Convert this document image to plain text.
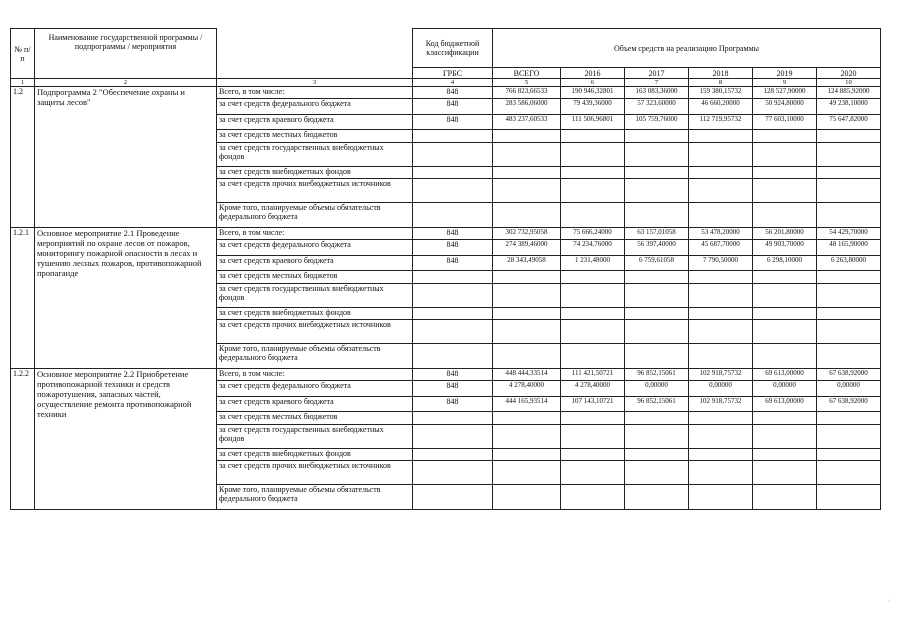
№ п/п	Наименование государственной программы / подпрограммы / мероприятия		Код бюджетной классификации	Объем средств на реализацию Программы					
			ГРБС	ВСЕГО	2016	2017	2018	2019	2020
1	2	3	4	5	6	7	8	9	10
1.2	Подпрограмма 2 "Обеспечение охраны и защиты лесов"	Всего, в том числе:	848	766 823,66533	190 946,32801	163 083,36000	159 380,15732	128 527,90000	124 885,92000
		за счет средств федерального бюджета	848	283 586,06000	79 439,36000	57 323,60000	46 660,20000	50 924,80000	49 238,10000
		за счет средств краевого бюджета	848	483 237,60533	111 506,96801	105 759,76000	112 719,95732	77 603,10000	75 647,82000
		за счет средств местных бюджетов							
		за счет средств государственных внебюджетных фондов							
		за счет средств внебюджетных фондов							
		за счет средств прочих внебюджетных источников							
		Кроме того, планируемые объемы обязательств федерального бюджета							
1.2.1	Основное мероприятие 2.1 Проведение мероприятий по охране лесов от пожаров, мониторингу пожарной опасности в лесах и тушению лесных пожаров, противопожарной пропаганде	Всего, в том числе:	848	302 732,95058	75 666,24000	63 157,01058	53 478,20000	56 201,80000	54 429,70000
		за счет средств федерального бюджета	848	274 389,46000	74 234,76000	56 397,40000	45 687,70000	49 903,70000	48 165,90000
		за счет средств краевого бюджета	848	28 343,49058	1 231,48000	6 759,61058	7 790,50000	6 298,10000	6 263,80000
		за счет средств местных бюджетов							
		за счет средств государственных внебюджетных фондов							
		за счет средств внебюджетных фондов							
		за счет средств прочих внебюджетных источников							
		Кроме того, планируемые объемы обязательств федерального бюджета							
1.2.2	Основное мероприятие 2.2 Приобретение противопожарной техники и средств пожаротушения, запасных частей, осуществление ремонта противопожарной техники	Всего, в том числе:	848	448 444,33514	111 421,50721	96 852,15061	102 918,75732	69 613,00000	67 638,92000
		за счет средств федерального бюджета	848	4 278,40000	4 278,40000	0,00000	0,00000	0,00000	0,00000
		за счет средств краевого бюджета	848	444 165,93514	107 143,10721	96 852,15061	102 918,75732	69 613,00000	67 638,92000
		за счет средств местных бюджетов							
		за счет средств государственных внебюджетных фондов							
		за счет средств внебюджетных фондов							
		за счет средств прочих внебюджетных источников							
		Кроме того, планируемые объемы обязательств федерального бюджета							
·
